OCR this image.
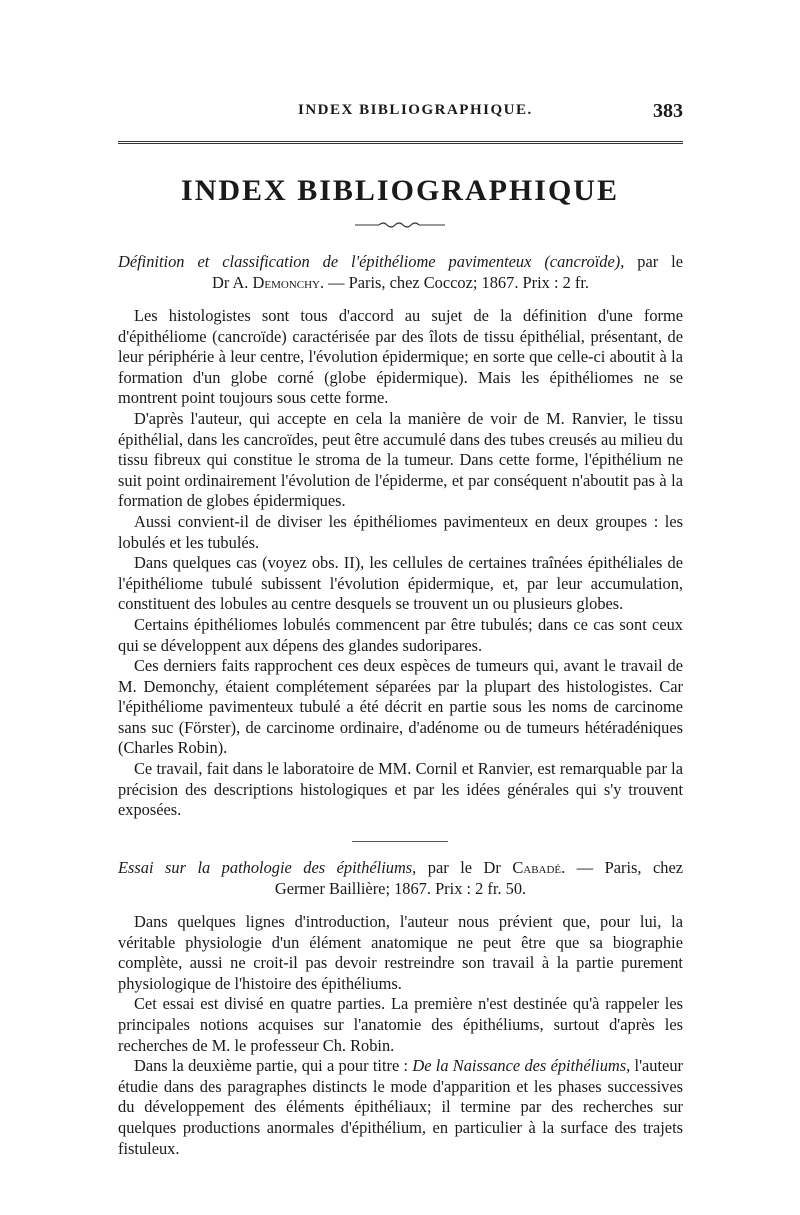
INDEX BIBLIOGRAPHIQUE.	383
INDEX BIBLIOGRAPHIQUE
Définition et classification de l'épithéliome pavimenteux (cancroïde), par le
Dr A. Demonchy. — Paris, chez Coccoz; 1867. Prix : 2 fr.

Les histologistes sont tous d'accord au sujet de la définition d'une forme d'épithéliome (cancroïde) caractérisée par des îlots de tissu épithélial, présentant, de leur périphérie à leur centre, l'évolution épidermique; en sorte que celle-ci aboutit à la formation d'un globe corné (globe épidermique). Mais les épithéliomes ne se montrent point toujours sous cette forme.

D'après l'auteur, qui accepte en cela la manière de voir de M. Ranvier, le tissu épithélial, dans les cancroïdes, peut être accumulé dans des tubes creusés au milieu du tissu fibreux qui constitue le stroma de la tumeur. Dans cette forme, l'épithélium ne suit point ordinairement l'évolution de l'épiderme, et par conséquent n'aboutit pas à la formation de globes épidermiques.

Aussi convient-il de diviser les épithéliomes pavimenteux en deux groupes : les lobulés et les tubulés.

Dans quelques cas (voyez obs. II), les cellules de certaines traînées épithéliales de l'épithéliome tubulé subissent l'évolution épidermique, et, par leur accumulation, constituent des lobules au centre desquels se trouvent un ou plusieurs globes.

Certains épithéliomes lobulés commencent par être tubulés; dans ce cas sont ceux qui se développent aux dépens des glandes sudoripares.

Ces derniers faits rapprochent ces deux espèces de tumeurs qui, avant le travail de M. Demonchy, étaient complétement séparées par la plupart des histologistes. Car l'épithéliome pavimenteux tubulé a été décrit en partie sous les noms de carcinome sans suc (Förster), de carcinome ordinaire, d'adénome ou de tumeurs hétéradéniques (Charles Robin).

Ce travail, fait dans le laboratoire de MM. Cornil et Ranvier, est remarquable par la précision des descriptions histologiques et par les idées générales qui s'y trouvent exposées.

Essai sur la pathologie des épithéliums, par le Dr Cabadé. — Paris, chez
Germer Baillière; 1867. Prix : 2 fr. 50.

Dans quelques lignes d'introduction, l'auteur nous prévient que, pour lui, la véritable physiologie d'un élément anatomique ne peut être que sa biographie complète, aussi ne croit-il pas devoir restreindre son travail à la partie purement physiologique de l'histoire des épithéliums.

Cet essai est divisé en quatre parties. La première n'est destinée qu'à rappeler les principales notions acquises sur l'anatomie des épithéliums, surtout d'après les recherches de M. le professeur Ch. Robin.

Dans la deuxième partie, qui a pour titre : De la Naissance des épithéliums, l'auteur étudie dans des paragraphes distincts le mode d'apparition et les phases successives du développement des éléments épithéliaux; il termine par des recherches sur quelques productions anormales d'épithélium, en particulier à la surface des trajets fistuleux.
